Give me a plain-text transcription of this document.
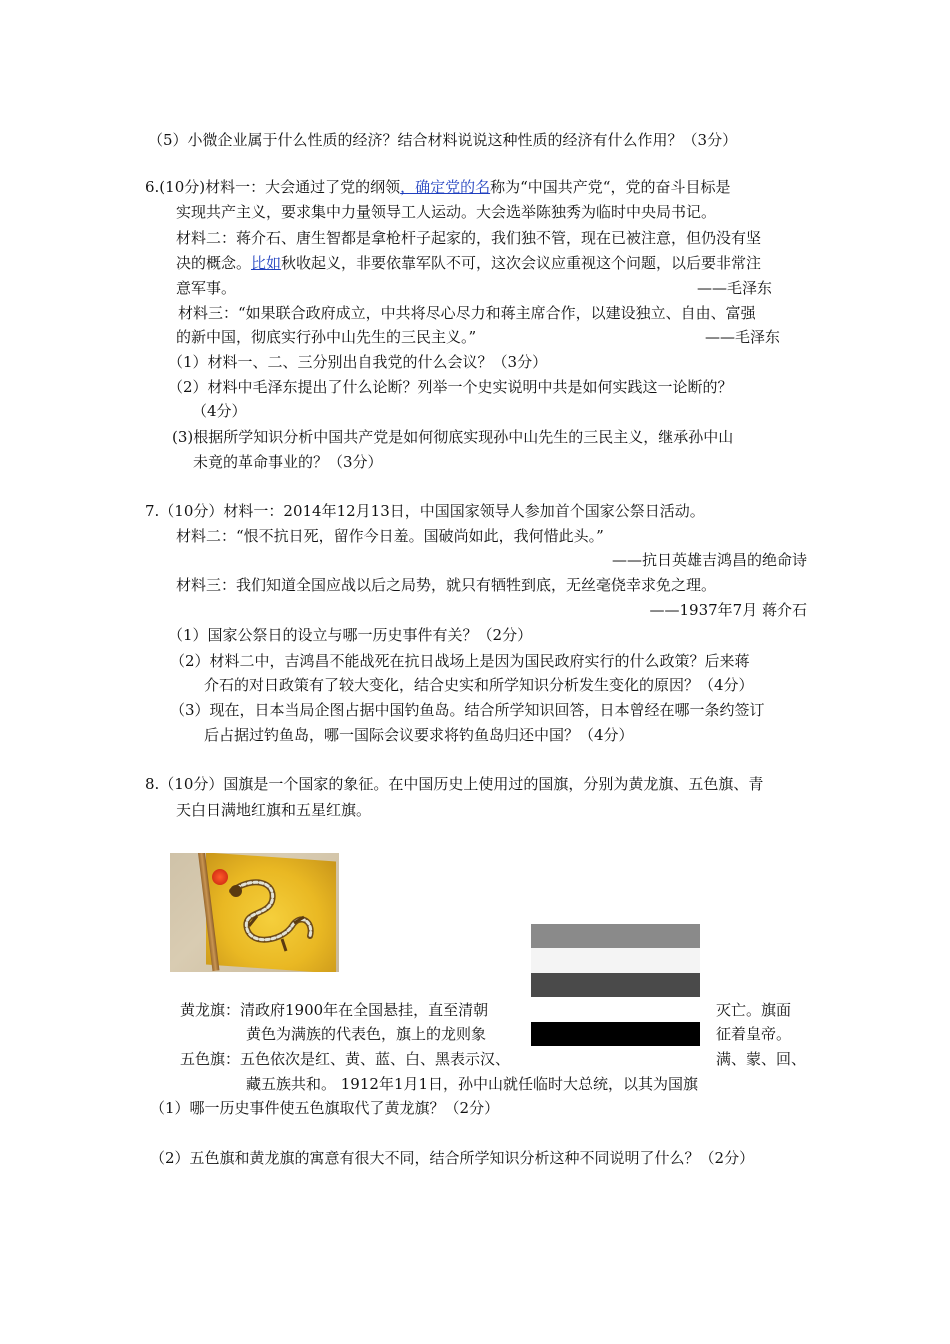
（5）小微企业属于什么性质的经济？结合材料说说这种性质的经济有什么作用？（3分）
6.(10分)材料一：大会通过了党的纲领，确定党的名称为“中国共产党“，党的奋斗目标是
实现共产主义，要求集中力量领导工人运动。大会选举陈独秀为临时中央局书记。
材料二：蒋介石、唐生智都是拿枪杆子起家的，我们独不管，现在已被注意，但仍没有坚
决的概念。比如秋收起义，非要依靠军队不可，这次会议应重视这个问题，以后要非常注
意军事。	——毛泽东
材料三：“如果联合政府成立，中共将尽心尽力和蒋主席合作，以建设独立、自由、富强
的新中国，彻底实行孙中山先生的三民主义。”	——毛泽东
（1）材料一、二、三分别出自我党的什么会议？（3分）
（2）材料中毛泽东提出了什么论断？列举一个史实说明中共是如何实践这一论断的？
（4分）
(3)根据所学知识分析中国共产党是如何彻底实现孙中山先生的三民主义，继承孙中山
未竟的革命事业的？（3分）
7.（10分）材料一：2014年12月13日，中国国家领导人参加首个国家公祭日活动。
材料二：“恨不抗日死，留作今日羞。国破尚如此，我何惜此头。”
——抗日英雄吉鸿昌的绝命诗
材料三：我们知道全国应战以后之局势，就只有牺牲到底，无丝毫侥幸求免之理。
——1937年7月 蒋介石
（1）国家公祭日的设立与哪一历史事件有关？（2分）
（2）材料二中，吉鸿昌不能战死在抗日战场上是因为国民政府实行的什么政策？后来蒋
介石的对日政策有了较大变化，结合史实和所学知识分析发生变化的原因？（4分）
（3）现在，日本当局企图占据中国钓鱼岛。结合所学知识回答，日本曾经在哪一条约签订
后占据过钓鱼岛，哪一国际会议要求将钓鱼岛归还中国？（4分）
8.（10分）国旗是一个国家的象征。在中国历史上使用过的国旗，分别为黄龙旗、五色旗、青
天白日满地红旗和五星红旗。
黄龙旗：清政府1900年在全国悬挂，直至清朝	灭亡。旗面
黄色为满族的代表色，旗上的龙则象	征着皇帝。
五色旗：五色依次是红、黄、蓝、白、黑表示汉、	满、蒙、回、
藏五族共和。 1912年1月1日，孙中山就任临时大总统，以其为国旗
（1）哪一历史事件使五色旗取代了黄龙旗？（2分）
（2）五色旗和黄龙旗的寓意有很大不同，结合所学知识分析这种不同说明了什么？（2分）
